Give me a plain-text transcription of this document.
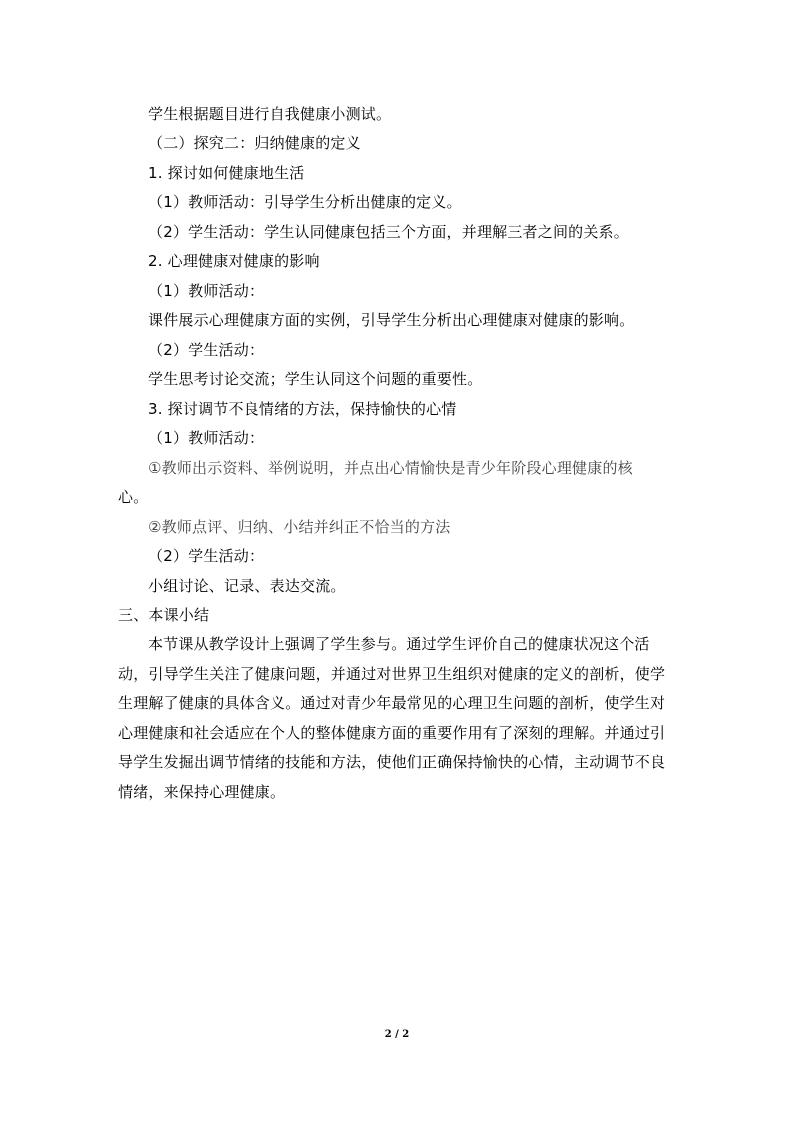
学生根据题目进行自我健康小测试。
（二）探究二：归纳健康的定义
1. 探讨如何健康地生活
（1）教师活动：引导学生分析出健康的定义。
（2）学生活动：学生认同健康包括三个方面，并理解三者之间的关系。
2. 心理健康对健康的影响
（1）教师活动：
课件展示心理健康方面的实例，引导学生分析出心理健康对健康的影响。
（2）学生活动：
学生思考讨论交流；学生认同这个问题的重要性。
3. 探讨调节不良情绪的方法，保持愉快的心情
（1）教师活动：
①教师出示资料、举例说明，并点出心情愉快是青少年阶段心理健康的核
心。
②教师点评、归纳、小结并纠正不恰当的方法
（2）学生活动：
小组讨论、记录、表达交流。
三、本课小结
本节课从教学设计上强调了学生参与。通过学生评价自己的健康状况这个活动，引导学生关注了健康问题，并通过对世界卫生组织对健康的定义的剖析，使学生理解了健康的具体含义。通过对青少年最常见的心理卫生问题的剖析，使学生对心理健康和社会适应在个人的整体健康方面的重要作用有了深刻的理解。并通过引导学生发掘出调节情绪的技能和方法，使他们正确保持愉快的心情，主动调节不良情绪，来保持心理健康。
2 / 2
